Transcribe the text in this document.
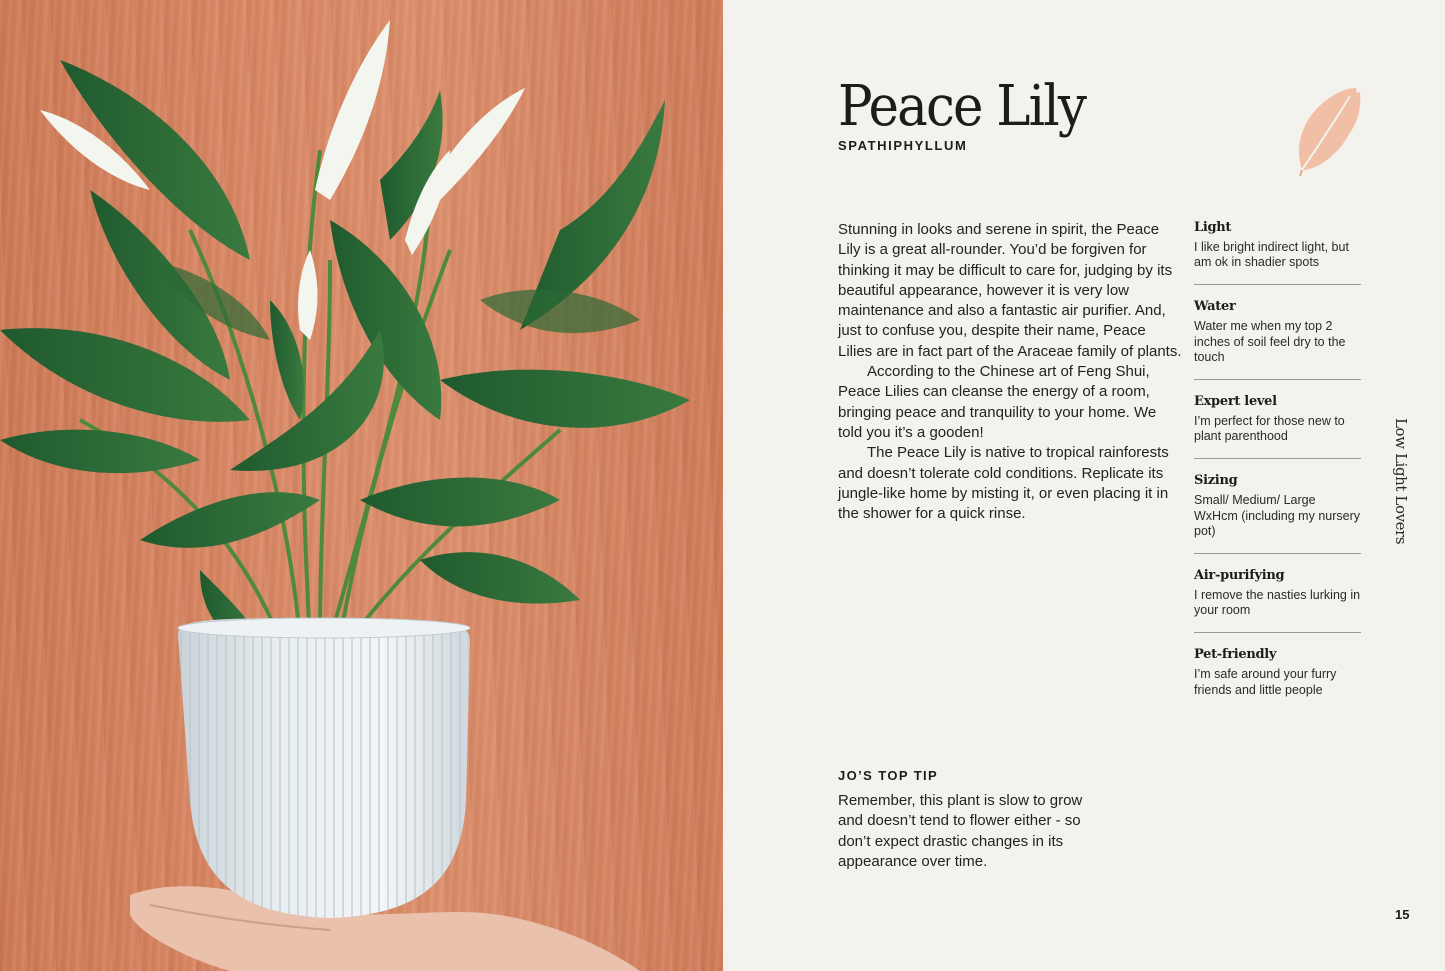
Peace Lily
SPATHIPHYLLUM

Stunning in looks and serene in spirit, the Peace Lily is a great all-rounder. You’d be forgiven for thinking it may be difficult to care for, judging by its beautiful appearance, however it is very low maintenance and also a fantastic air purifier. And, just to confuse you, despite their name, Peace Lilies are in fact part of the Araceae family of plants.

According to the Chinese art of Feng Shui, Peace Lilies can cleanse the energy of a room, bringing peace and tranquility to your home. We told you it’s a gooden!

The Peace Lily is native to tropical rainforests and doesn’t tolerate cold conditions. Replicate its jungle-like home by misting it, or even placing it in the shower for a quick rinse.

Light
I like bright indirect light, but am ok in shadier spots
Water
Water me when my top 2 inches of soil feel dry to the touch
Expert level
I’m perfect for those new to plant parenthood
Sizing
Small/ Medium/ Large
WxHcm (including my nursery pot)
Air-purifying
I remove the nasties lurking in your room
Pet-friendly
I’m safe around your furry friends and little people
Low Light Lovers
JO’S TOP TIP
Remember, this plant is slow to grow and doesn’t tend to flower either - so don’t expect drastic changes in its appearance over time.
15
